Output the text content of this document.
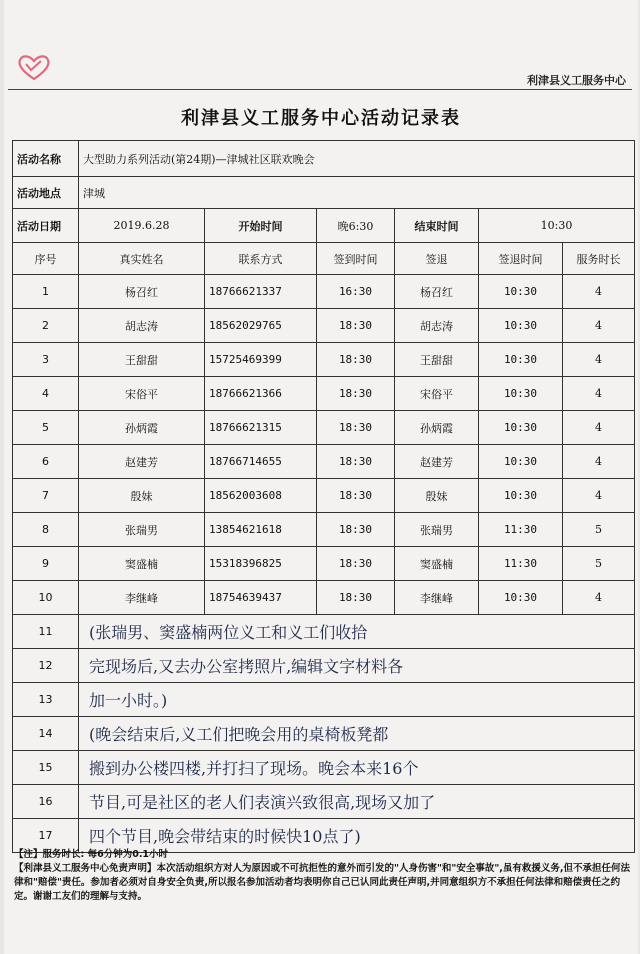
利津县义工服务中心
利津县义工服务中心活动记录表
活动名称	大型助力系列活动(第24期)—津城社区联欢晚会					
活动地点	津城					
活动日期	2019.6.28	开始时间	晚6:30	结束时间	10:30	
序号	真实姓名	联系方式	签到时间	签退	签退时间	服务时长
1	杨召红	18766621337	16:30	杨召红	10:30	4
2	胡志涛	18562029765	18:30	胡志涛	10:30	4
3	王甜甜	15725469399	18:30	王甜甜	10:30	4
4	宋俗平	18766621366	18:30	宋俗平	10:30	4
5	孙炳霞	18766621315	18:30	孙炳霞	10:30	4
6	赵建芳	18766714655	18:30	赵建芳	10:30	4
7	殷妹	18562003608	18:30	殷妹	10:30	4
8	张瑞男	13854621618	18:30	张瑞男	11:30	5
9	窦盛楠	15318396825	18:30	窦盛楠	11:30	5
10	李继峰	18754639437	18:30	李继峰	10:30	4
11	(张瑞男、窦盛楠两位义工和义工们收拾					
12	完现场后,又去办公室拷照片,编辑文字材料各					
13	加一小时。)					
14	(晚会结束后,义工们把晚会用的桌椅板凳都					
15	搬到办公楼四楼,并打扫了现场。晚会本来16个					
16	节目,可是社区的老人们表演兴致很高,现场又加了					
17	四个节目,晚会带结束的时候快10点了)					
【注】服务时长: 每6分钟为0.1小时
【利津县义工服务中心免责声明】本次活动组织方对人为原因或不可抗拒性的意外而引发的"人身伤害"和"安全事故",虽有救援义务,但不承担任何法律和"赔偿"责任。参加者必须对自身安全负责,所以报名参加活动者均表明你自己已认同此责任声明,并同意组织方不承担任何法律和赔偿责任之约定。谢谢工友们的理解与支持。
